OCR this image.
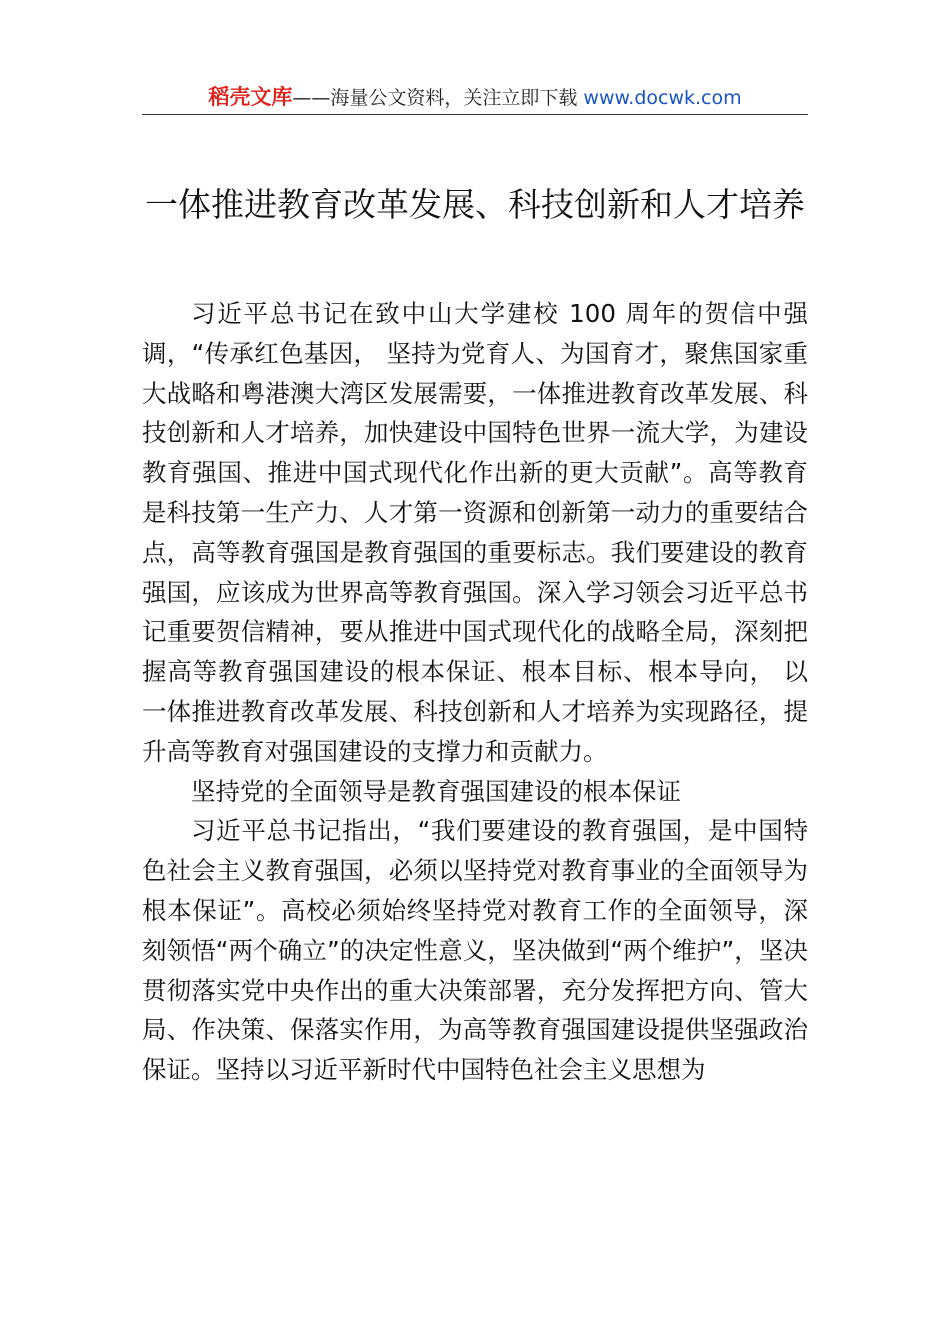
稻壳文库——海量公文资料，关注立即下载 www.docwk.com
一体推进教育改革发展、科技创新和人才培养

习近平总书记在致中山大学建校 100 周年的贺信中强调，“传承红色基因， 坚持为党育人、为国育才，聚焦国家重大战略和粤港澳大湾区发展需要，一体推进教育改革发展、科技创新和人才培养，加快建设中国特色世界一流大学，为建设教育强国、推进中国式现代化作出新的更大贡献”。高等教育是科技第一生产力、人才第一资源和创新第一动力的重要结合点，高等教育强国是教育强国的重要标志。我们要建设的教育强国，应该成为世界高等教育强国。深入学习领会习近平总书记重要贺信精神，要从推进中国式现代化的战略全局，深刻把握高等教育强国建设的根本保证、根本目标、根本导向， 以一体推进教育改革发展、科技创新和人才培养为实现路径，提升高等教育对强国建设的支撑力和贡献力。

坚持党的全面领导是教育强国建设的根本保证

习近平总书记指出，“我们要建设的教育强国，是中国特色社会主义教育强国，必须以坚持党对教育事业的全面领导为根本保证”。高校必须始终坚持党对教育工作的全面领导，深刻领悟“两个确立”的决定性意义，坚决做到“两个维护”，坚决贯彻落实党中央作出的重大决策部署，充分发挥把方向、管大局、作决策、保落实作用，为高等教育强国建设提供坚强政治保证。坚持以习近平新时代中国特色社会主义思想为
